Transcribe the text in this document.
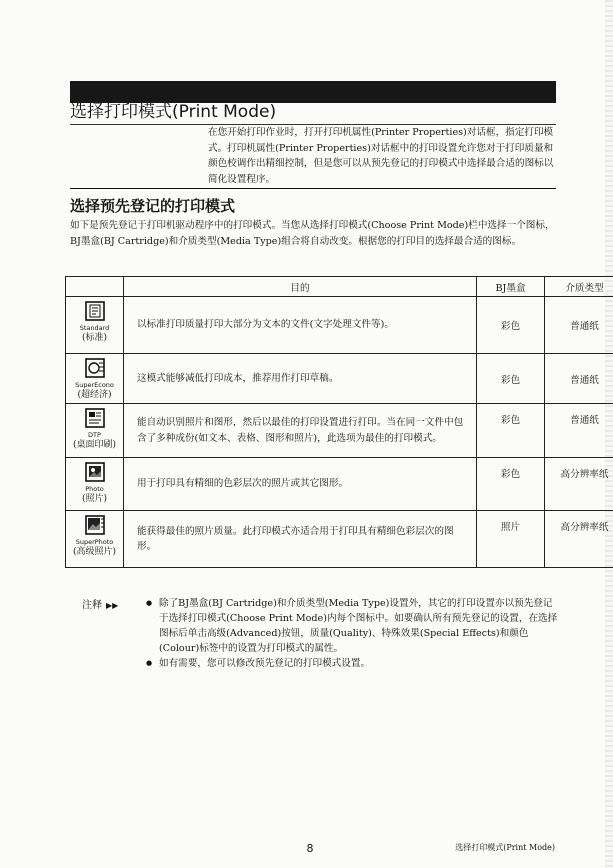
选择打印模式(Print Mode)

在您开始打印作业时，打开打印机属性(Printer Properties)对话框，指定打印模式。打印机属性(Printer Properties)对话框中的打印设置允许您对于打印质量和颜色校调作出精细控制，但是您可以从预先登记的打印模式中选择最合适的图标以简化设置程序。

选择预先登记的打印模式

如下是预先登记于打印机驱动程序中的打印模式。当您从选择打印模式(Choose Print Mode)栏中选择一个图标，BJ墨盒(BJ Cartridge)和介质类型(Media Type)组合将自动改变。根据您的打印目的选择最合适的图标。

	目的	BJ墨盒	介质类型

Standard
(标准)	以标准打印质量打印大部分为文本的文件(文字处理文件等)。	彩色	普通纸

SuperEcono
(超经济)	这模式能够减低打印成本，推荐用作打印草稿。	彩色	普通纸

DTP
(桌面印刷)	能自动识别照片和图形，然后以最佳的打印设置进行打印。当在同一文件中包含了多种成份(如文本、表格、图形和照片)，此选项为最佳的打印模式。	彩色	普通纸

Photo
(照片)	用于打印具有精细的色彩层次的照片或其它图形。	彩色	高分辨率纸

SuperPhoto
(高级照片)	能获得最佳的照片质量。此打印模式亦适合用于打印具有精细色彩层次的图形。	照片	高分辨率纸
注释 ▶▶	● 除了BJ墨盒(BJ Cartridge)和介质类型(Media Type)设置外，其它的打印设置亦以预先登记于选择打印模式(Choose Print Mode)内每个图标中。如要确认所有预先登记的设置，在选择图标后单击高级(Advanced)按钮，质量(Quality)、特殊效果(Special Effects)和颜色(Colour)标签中的设置为打印模式的属性。
● 如有需要，您可以修改预先登记的打印模式设置。
8	选择打印模式(Print Mode)
